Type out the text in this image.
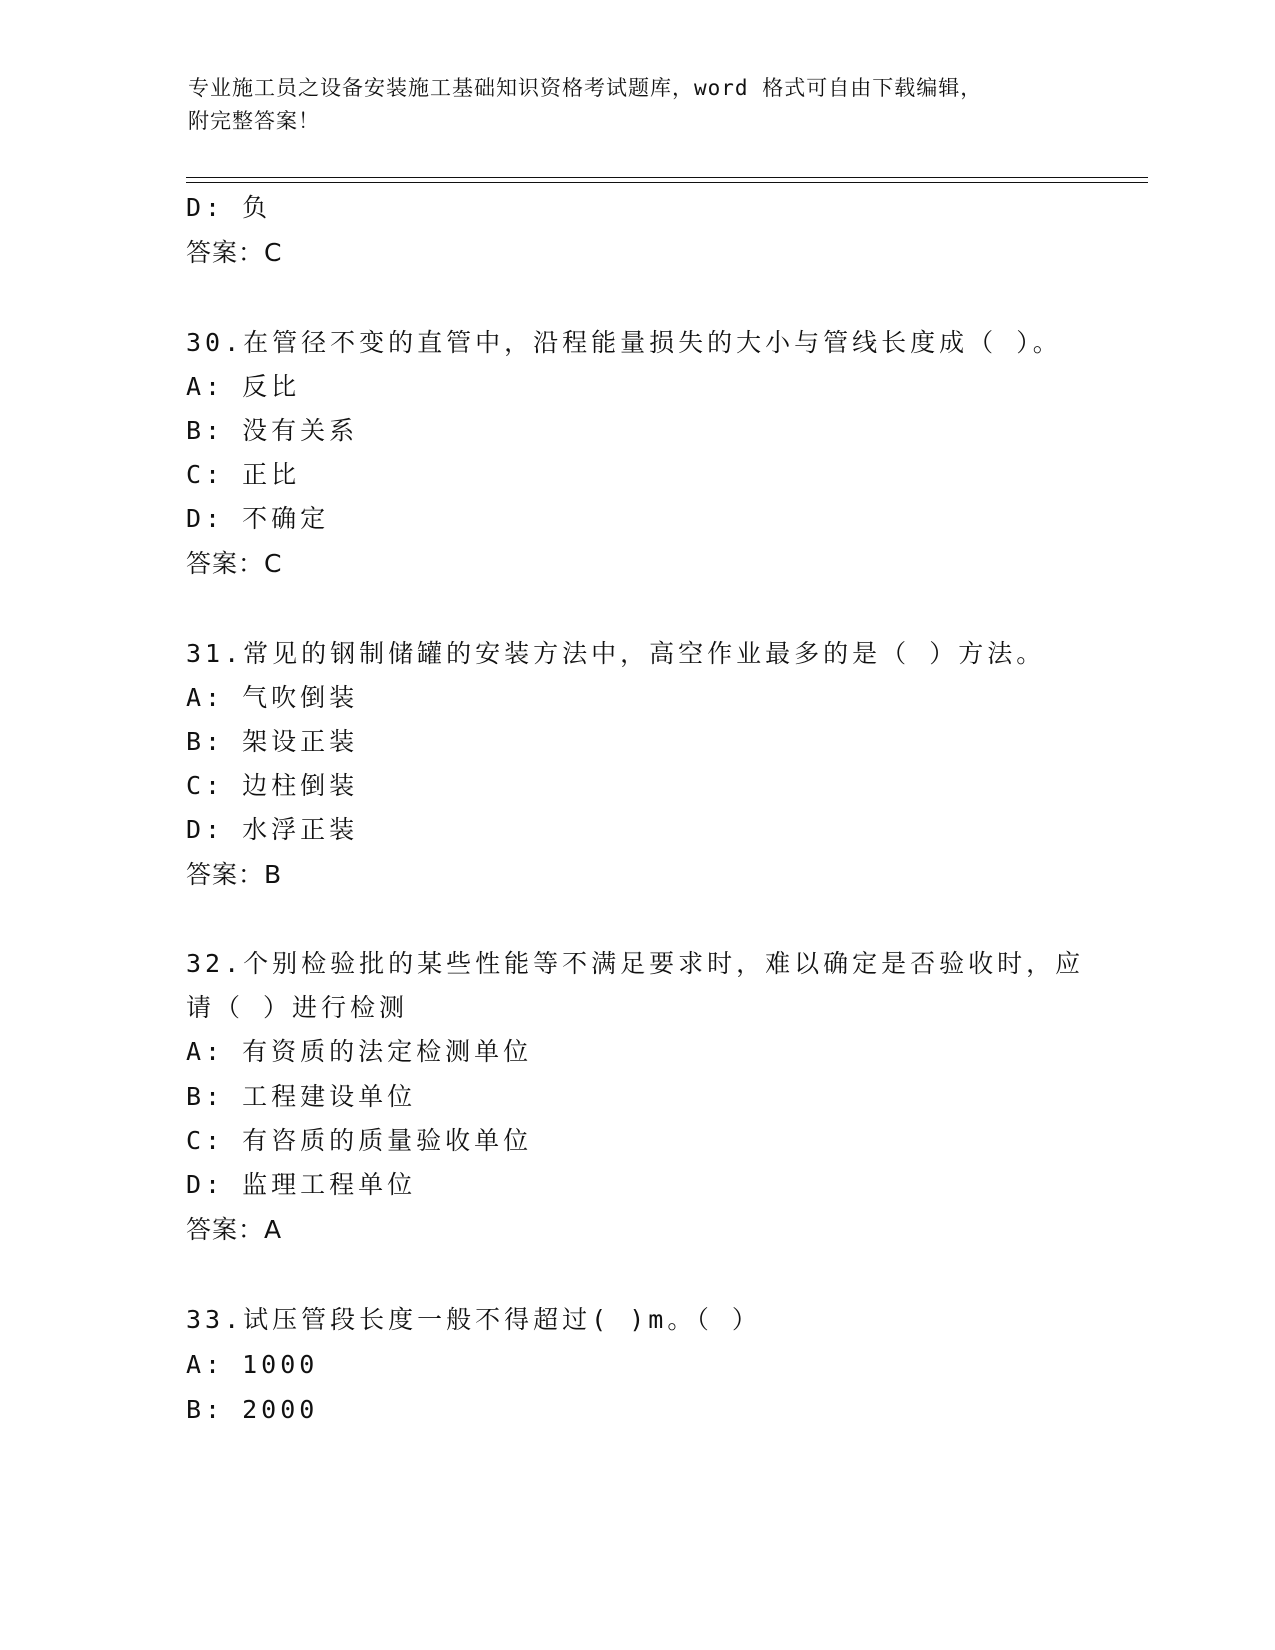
专业施工员之设备安装施工基础知识资格考试题库，word 格式可自由下载编辑，
附完整答案！
D: 负
答案：C
30.在管径不变的直管中，沿程能量损失的大小与管线长度成（ ）。
A: 反比
B: 没有关系
C: 正比
D: 不确定
答案：C
31.常见的钢制储罐的安装方法中，高空作业最多的是（ ）方法。
A: 气吹倒装
B: 架设正装
C: 边柱倒装
D: 水浮正装
答案：B
32.个别检验批的某些性能等不满足要求时，难以确定是否验收时，应
请（ ）进行检测
A: 有资质的法定检测单位
B: 工程建设单位
C: 有咨质的质量验收单位
D: 监理工程单位
答案：A
33.试压管段长度一般不得超过( )m。（ ）
A: 1000
B: 2000
